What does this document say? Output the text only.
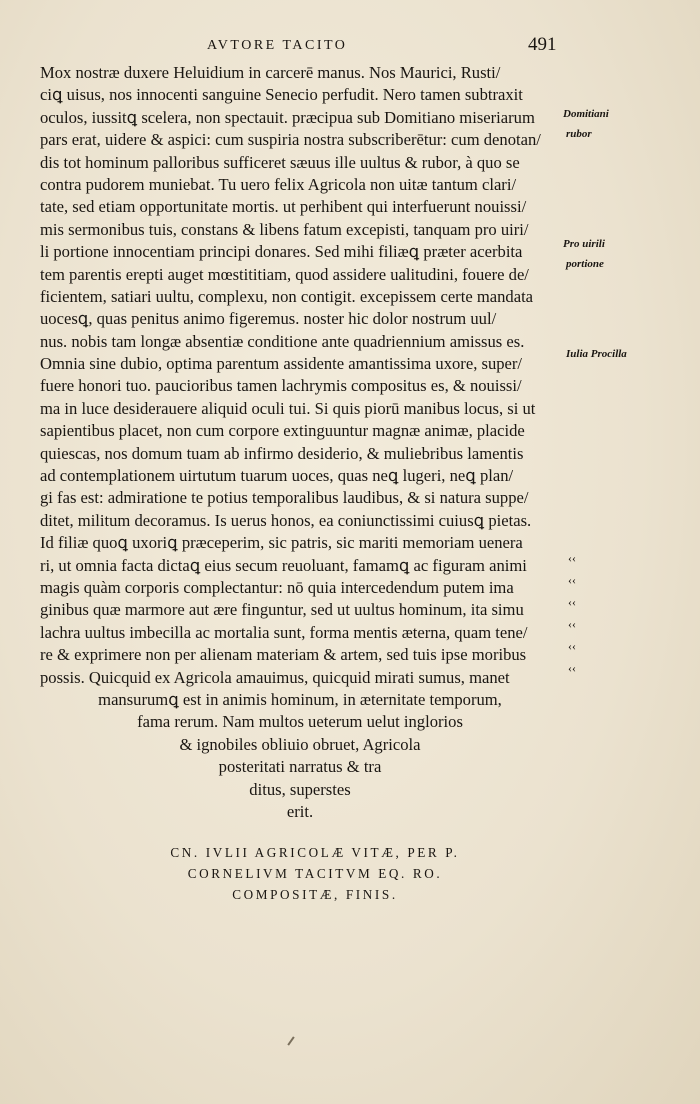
AVTORE TACITO	491
Mox nostræ duxere Heluidium in carcerē manus. Nos Maurici, Rusti/
ciꝗ uisus, nos innocenti sanguine Senecio perfudit. Nero tamen subtraxit
oculos, iussitꝗ scelera, non spectauit. præcipua sub Domitiano miseriarum
pars erat, uidere & aspici: cum suspiria nostra subscriberētur: cum denotan/
dis tot hominum palloribus sufficeret sæuus ille uultus & rubor, à quo se
contra pudorem muniebat. Tu uero felix Agricola non uitæ tantum clari/
tate, sed etiam opportunitate mortis. ut perhibent qui interfuerunt nouissi/
mis sermonibus tuis, constans & libens fatum excepisti, tanquam pro uiri/
li portione innocentiam principi donares. Sed mihi filiæꝗ præter acerbita
tem parentis erepti auget mœstititiam, quod assidere ualitudini, fouere de/
ficientem, satiari uultu, complexu, non contigit. excepissem certe mandata
uocesꝗ, quas penitus animo figeremus. noster hic dolor nostrum uul/
nus. nobis tam longæ absentiæ conditione ante quadriennium amissus es.
Omnia sine dubio, optima parentum assidente amantissima uxore, super/
fuere honori tuo. paucioribus tamen lachrymis compositus es, & nouissi/
ma in luce desiderauere aliquid oculi tui. Si quis piorū manibus locus, si ut
sapientibus placet, non cum corpore extinguuntur magnæ animæ, placide
quiescas, nos domum tuam ab infirmo desiderio, & muliebribus lamentis
ad contemplationem uirtutum tuarum uoces, quas neꝗ lugeri, neꝗ plan/
gi fas est: admiratione te potius temporalibus laudibus, & si natura suppe/
ditet, militum decoramus. Is uerus honos, ea coniunctissimi cuiusꝗ pietas.
Id filiæ quoꝗ uxoriꝗ præceperim, sic patris, sic mariti memoriam uenera
ri, ut omnia facta dictaꝗ eius secum reuoluant, famamꝗ ac figuram animi
magis quàm corporis complectantur: nō quia intercedendum putem ima
ginibus quæ marmore aut ære finguntur, sed ut uultus hominum, ita simu
lachra uultus imbecilla ac mortalia sunt, forma mentis æterna, quam tene/
re & exprimere non per alienam materiam & artem, sed tuis ipse moribus
possis. Quicquid ex Agricola amauimus, quicquid mirati sumus, manet
mansurumꝗ est in animis hominum, in æternitate temporum,
fama rerum. Nam multos ueterum uelut inglorios
& ignobiles obliuio obruet, Agricola
posteritati narratus & tra
ditus, superstes
erit.
Domitiani
rubor
Pro uirili
portione
Iulia Procilla
‹‹
‹‹
‹‹
‹‹
‹‹
‹‹
CN. IVLII AGRICOLÆ VITÆ, PER P.
CORNELIVM TACITVM EQ. RO.
COMPOSITÆ, FINIS.
